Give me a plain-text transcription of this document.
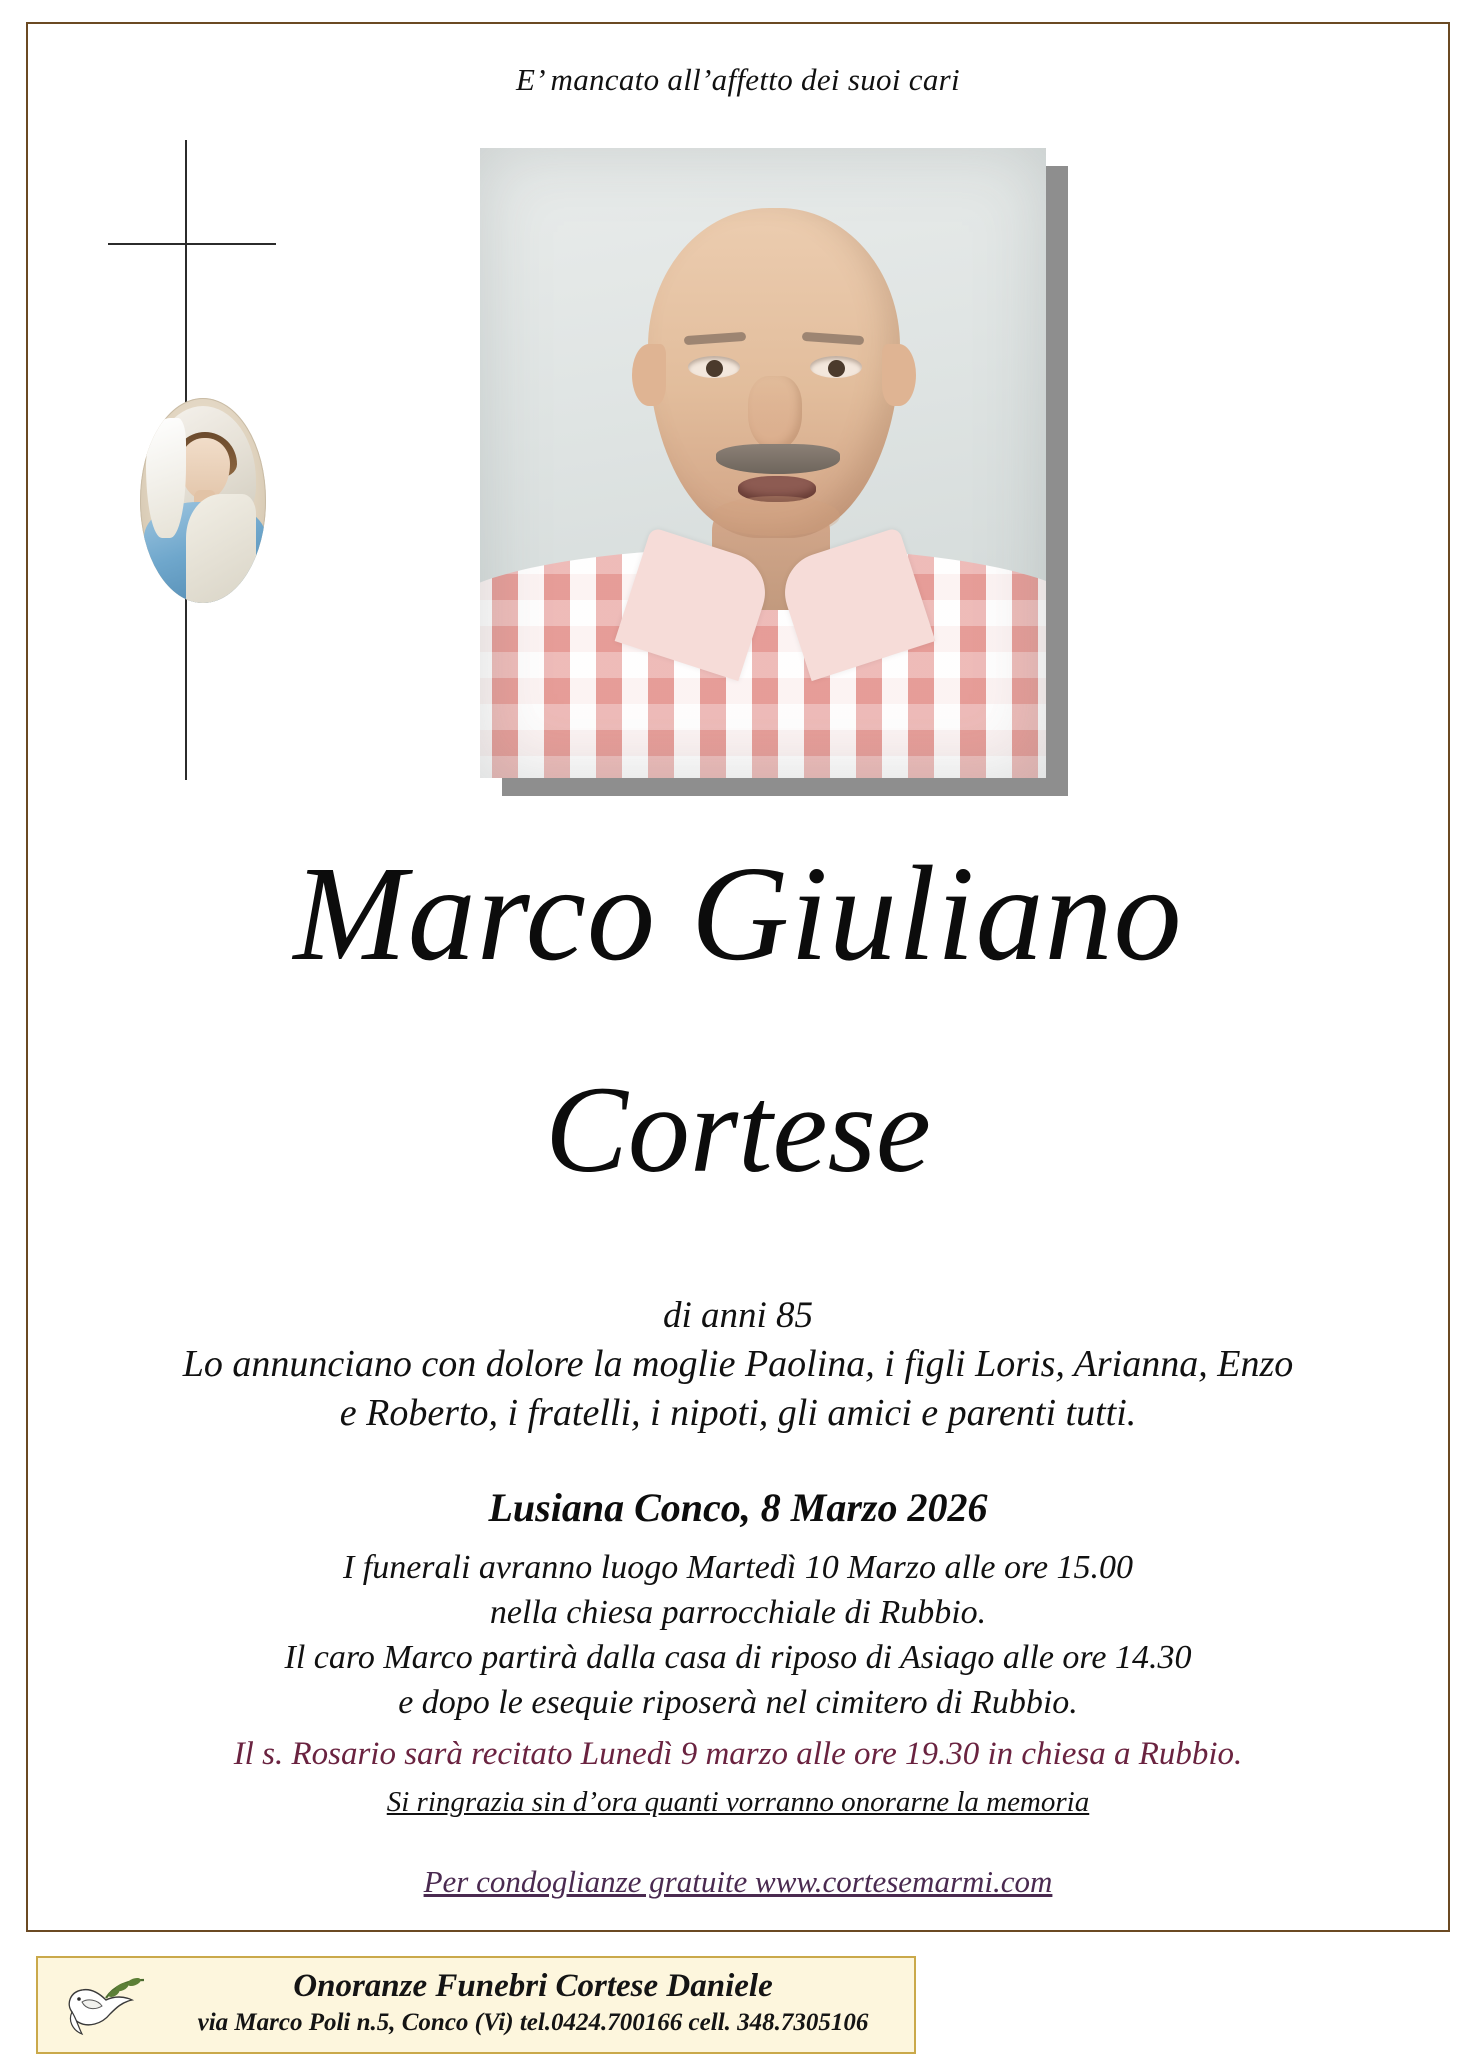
E’ mancato all’affetto dei suoi cari
Marco Giuliano
Cortese
di anni 85
Lo annunciano con dolore la moglie Paolina, i figli Loris, Arianna, Enzo
e Roberto, i fratelli, i nipoti, gli amici e parenti tutti.
Lusiana Conco, 8 Marzo 2026
I funerali avranno luogo Martedì 10 Marzo alle ore 15.00
nella chiesa parrocchiale di Rubbio.
Il caro Marco partirà dalla casa di riposo di Asiago alle ore 14.30
e dopo le esequie riposerà nel cimitero di Rubbio.
Il s. Rosario sarà recitato Lunedì 9 marzo alle ore 19.30 in chiesa a Rubbio.
Si ringrazia sin d’ora quanti vorranno onorarne la memoria
Per condoglianze gratuite www.cortesemarmi.com
Onoranze Funebri Cortese Daniele
via Marco Poli n.5, Conco (Vi) tel.0424.700166 cell. 348.7305106
